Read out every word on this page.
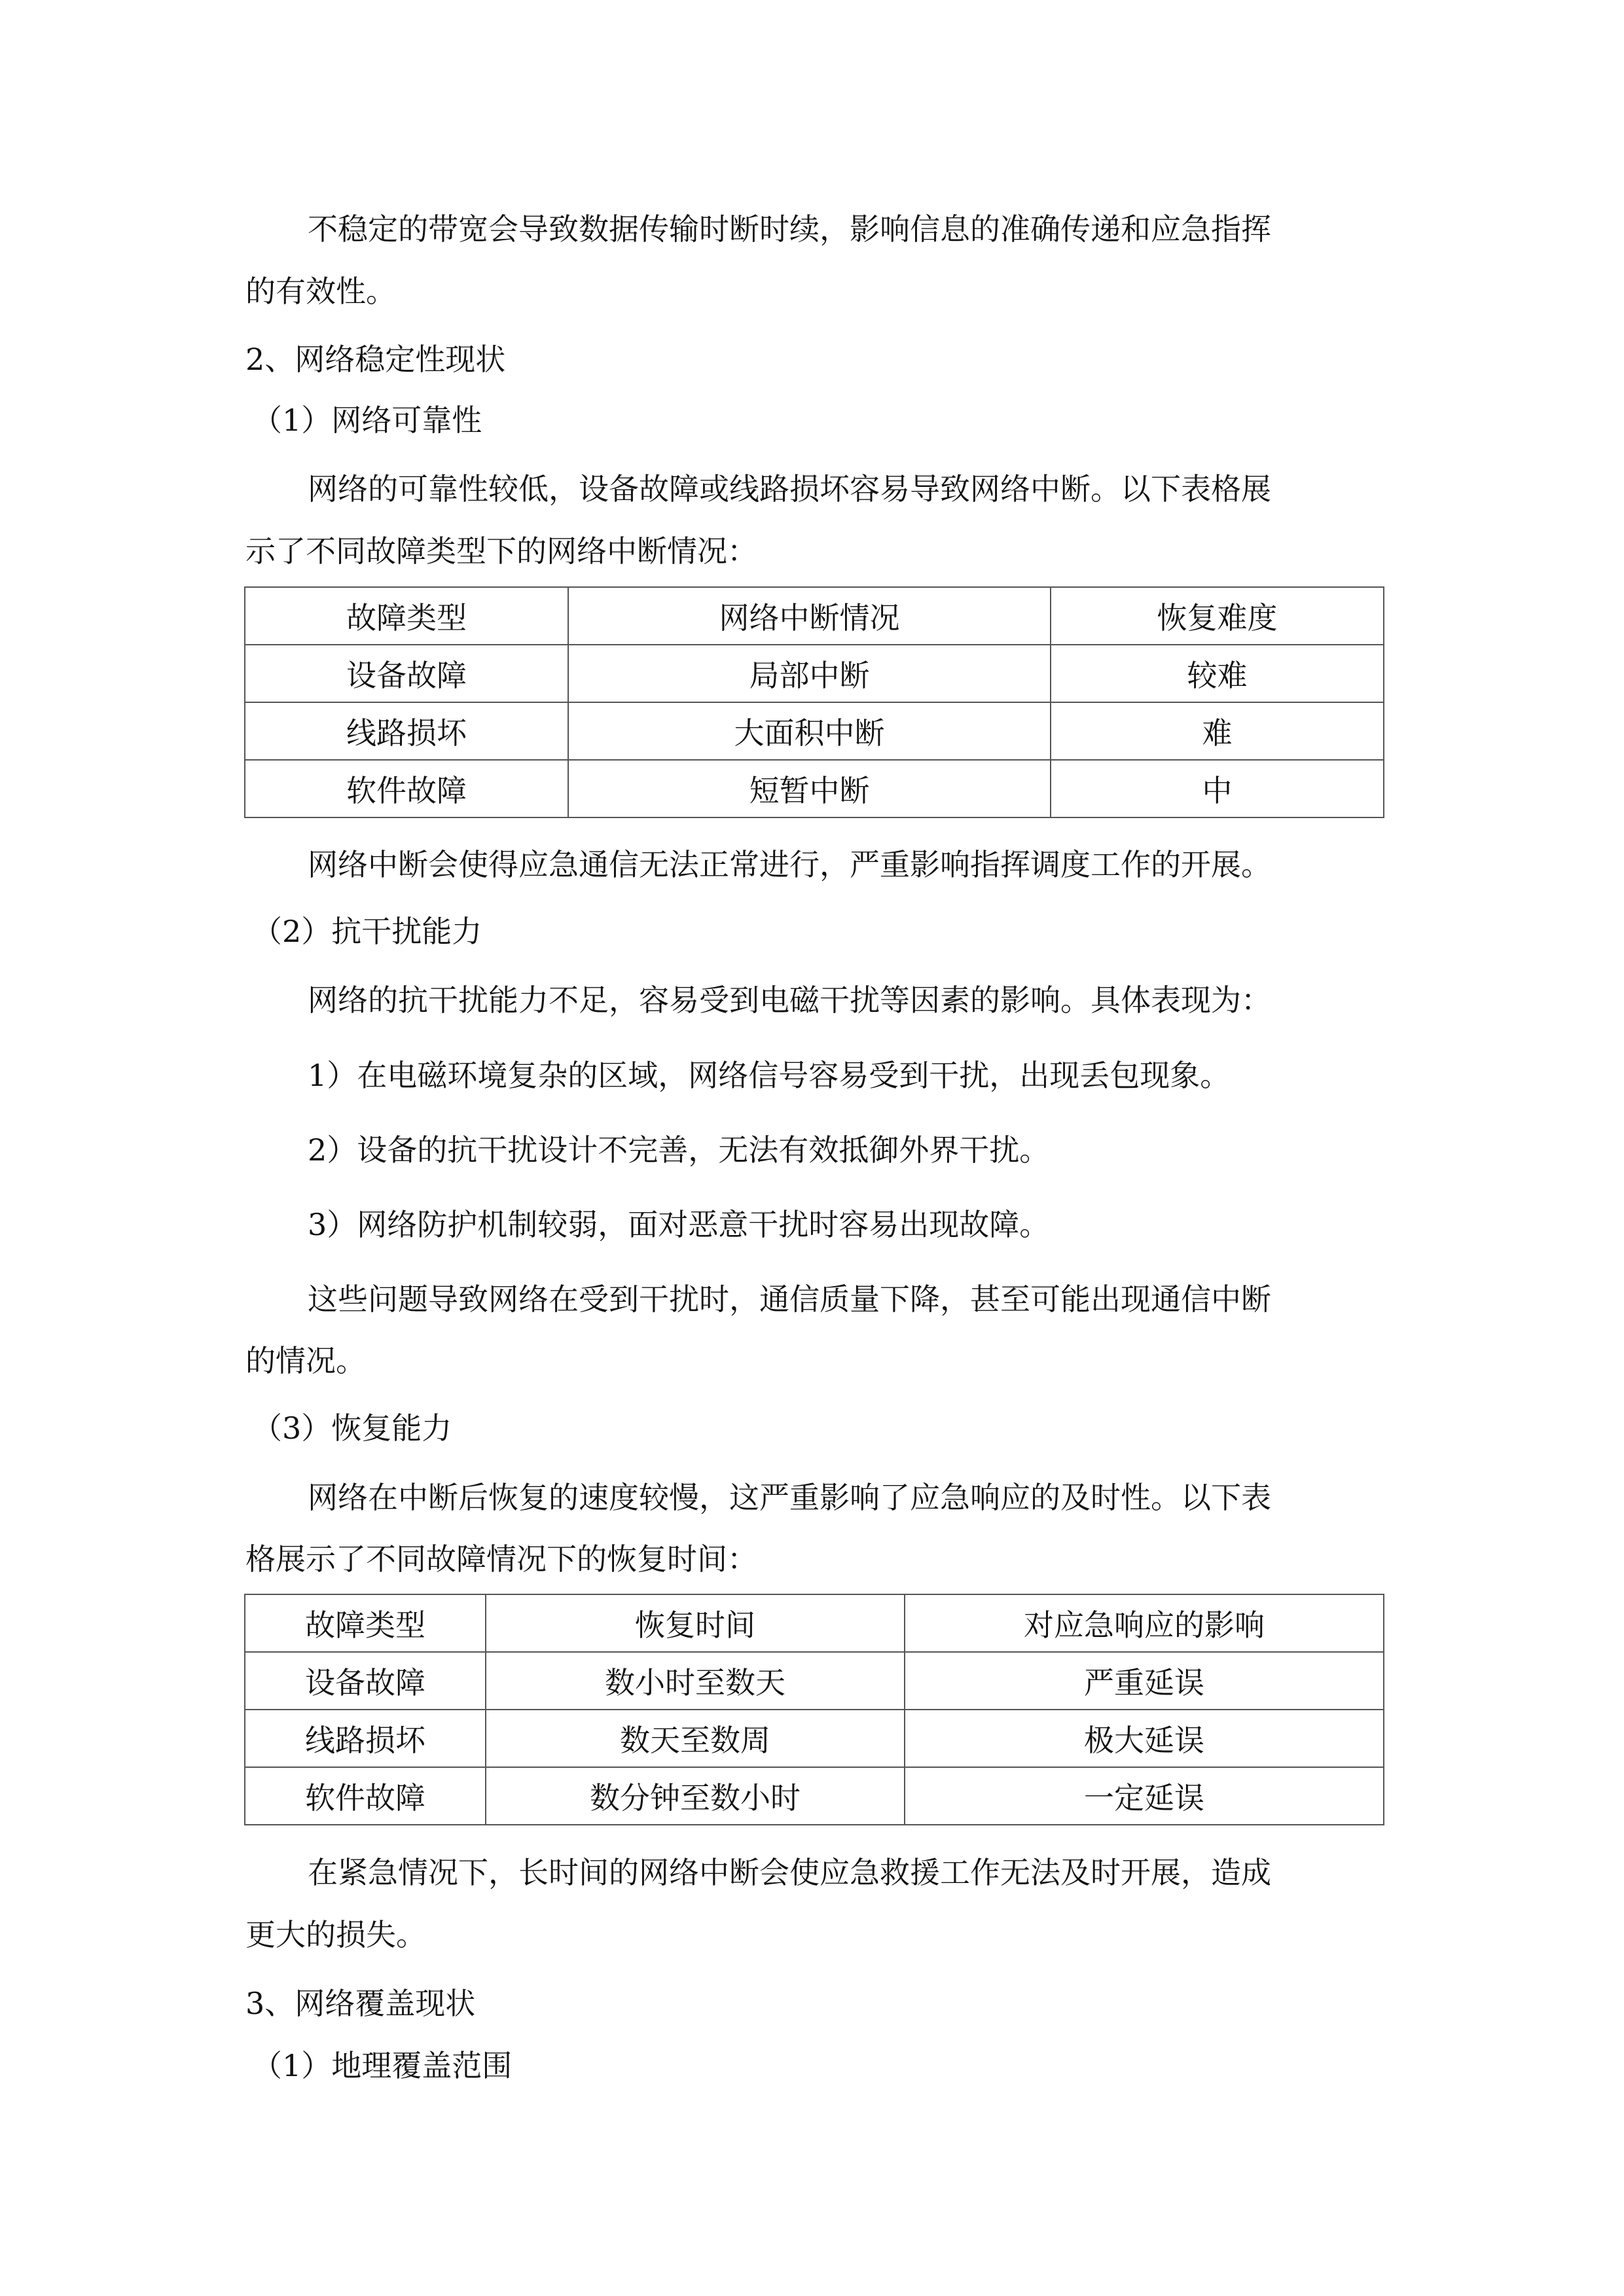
不稳定的带宽会导致数据传输时断时续，影响信息的准确传递和应急指挥
的有效性。
2、网络稳定性现状
（1）网络可靠性
网络的可靠性较低，设备故障或线路损坏容易导致网络中断。以下表格展
示了不同故障类型下的网络中断情况：
故障类型	网络中断情况	恢复难度
设备故障	局部中断	较难
线路损坏	大面积中断	难
软件故障	短暂中断	中
网络中断会使得应急通信无法正常进行，严重影响指挥调度工作的开展。
（2）抗干扰能力
网络的抗干扰能力不足，容易受到电磁干扰等因素的影响。具体表现为：
1）在电磁环境复杂的区域，网络信号容易受到干扰，出现丢包现象。
2）设备的抗干扰设计不完善，无法有效抵御外界干扰。
3）网络防护机制较弱，面对恶意干扰时容易出现故障。
这些问题导致网络在受到干扰时，通信质量下降，甚至可能出现通信中断
的情况。
（3）恢复能力
网络在中断后恢复的速度较慢，这严重影响了应急响应的及时性。以下表
格展示了不同故障情况下的恢复时间：
故障类型	恢复时间	对应急响应的影响
设备故障	数小时至数天	严重延误
线路损坏	数天至数周	极大延误
软件故障	数分钟至数小时	一定延误
在紧急情况下，长时间的网络中断会使应急救援工作无法及时开展，造成
更大的损失。
3、网络覆盖现状
（1）地理覆盖范围
